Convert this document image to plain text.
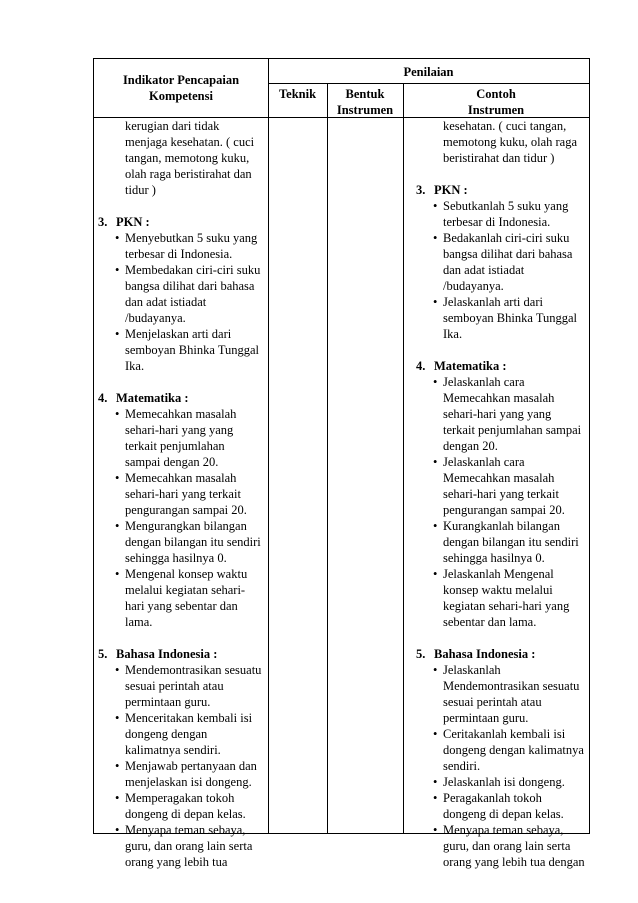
Indikator Pencapaian
Kompetensi
Penilaian
Teknik	Bentuk
Instrumen
Contoh
Instrumen
kerugian dari tidak
menjaga kesehatan. ( cuci
tangan, memotong kuku,
olah raga beristirahat dan
tidur )
3. PKN :
• Menyebutkan 5 suku yang
terbesar di Indonesia.
• Membedakan ciri-ciri suku
bangsa dilihat dari bahasa
dan adat istiadat
/budayanya.
• Menjelaskan arti dari
semboyan Bhinka Tunggal
Ika.
4. Matematika :
• Memecahkan masalah
sehari-hari yang yang
terkait penjumlahan
sampai dengan 20.
• Memecahkan masalah
sehari-hari yang terkait
pengurangan sampai 20.
• Mengurangkan bilangan
dengan bilangan itu sendiri
sehingga hasilnya 0.
• Mengenal konsep waktu
melalui kegiatan sehari-
hari yang sebentar dan
lama.
5. Bahasa Indonesia :
• Mendemontrasikan sesuatu
sesuai perintah atau
permintaan guru.
• Menceritakan kembali isi
dongeng dengan
kalimatnya sendiri.
• Menjawab pertanyaan dan
menjelaskan isi dongeng.
• Memperagakan tokoh
dongeng di depan kelas.
• Menyapa teman sebaya,
guru, dan orang lain serta
orang yang lebih tua
kesehatan. ( cuci tangan,
memotong kuku, olah raga
beristirahat dan tidur )
3. PKN :
• Sebutkanlah 5 suku yang
terbesar di Indonesia.
• Bedakanlah ciri-ciri suku
bangsa dilihat dari bahasa
dan adat istiadat
/budayanya.
• Jelaskanlah arti dari
semboyan Bhinka Tunggal
Ika.
4. Matematika :
• Jelaskanlah cara
Memecahkan masalah
sehari-hari yang yang
terkait penjumlahan sampai
dengan 20.
• Jelaskanlah cara
Memecahkan masalah
sehari-hari yang terkait
pengurangan sampai 20.
• Kurangkanlah bilangan
dengan bilangan itu sendiri
sehingga hasilnya 0.
• Jelaskanlah Mengenal
konsep waktu melalui
kegiatan sehari-hari yang
sebentar dan lama.
5. Bahasa Indonesia :
• Jelaskanlah
Mendemontrasikan sesuatu
sesuai perintah atau
permintaan guru.
• Ceritakanlah kembali isi
dongeng dengan kalimatnya
sendiri.
• Jelaskanlah isi dongeng.
• Peragakanlah tokoh
dongeng di depan kelas.
• Menyapa teman sebaya,
guru, dan orang lain serta
orang yang lebih tua dengan
